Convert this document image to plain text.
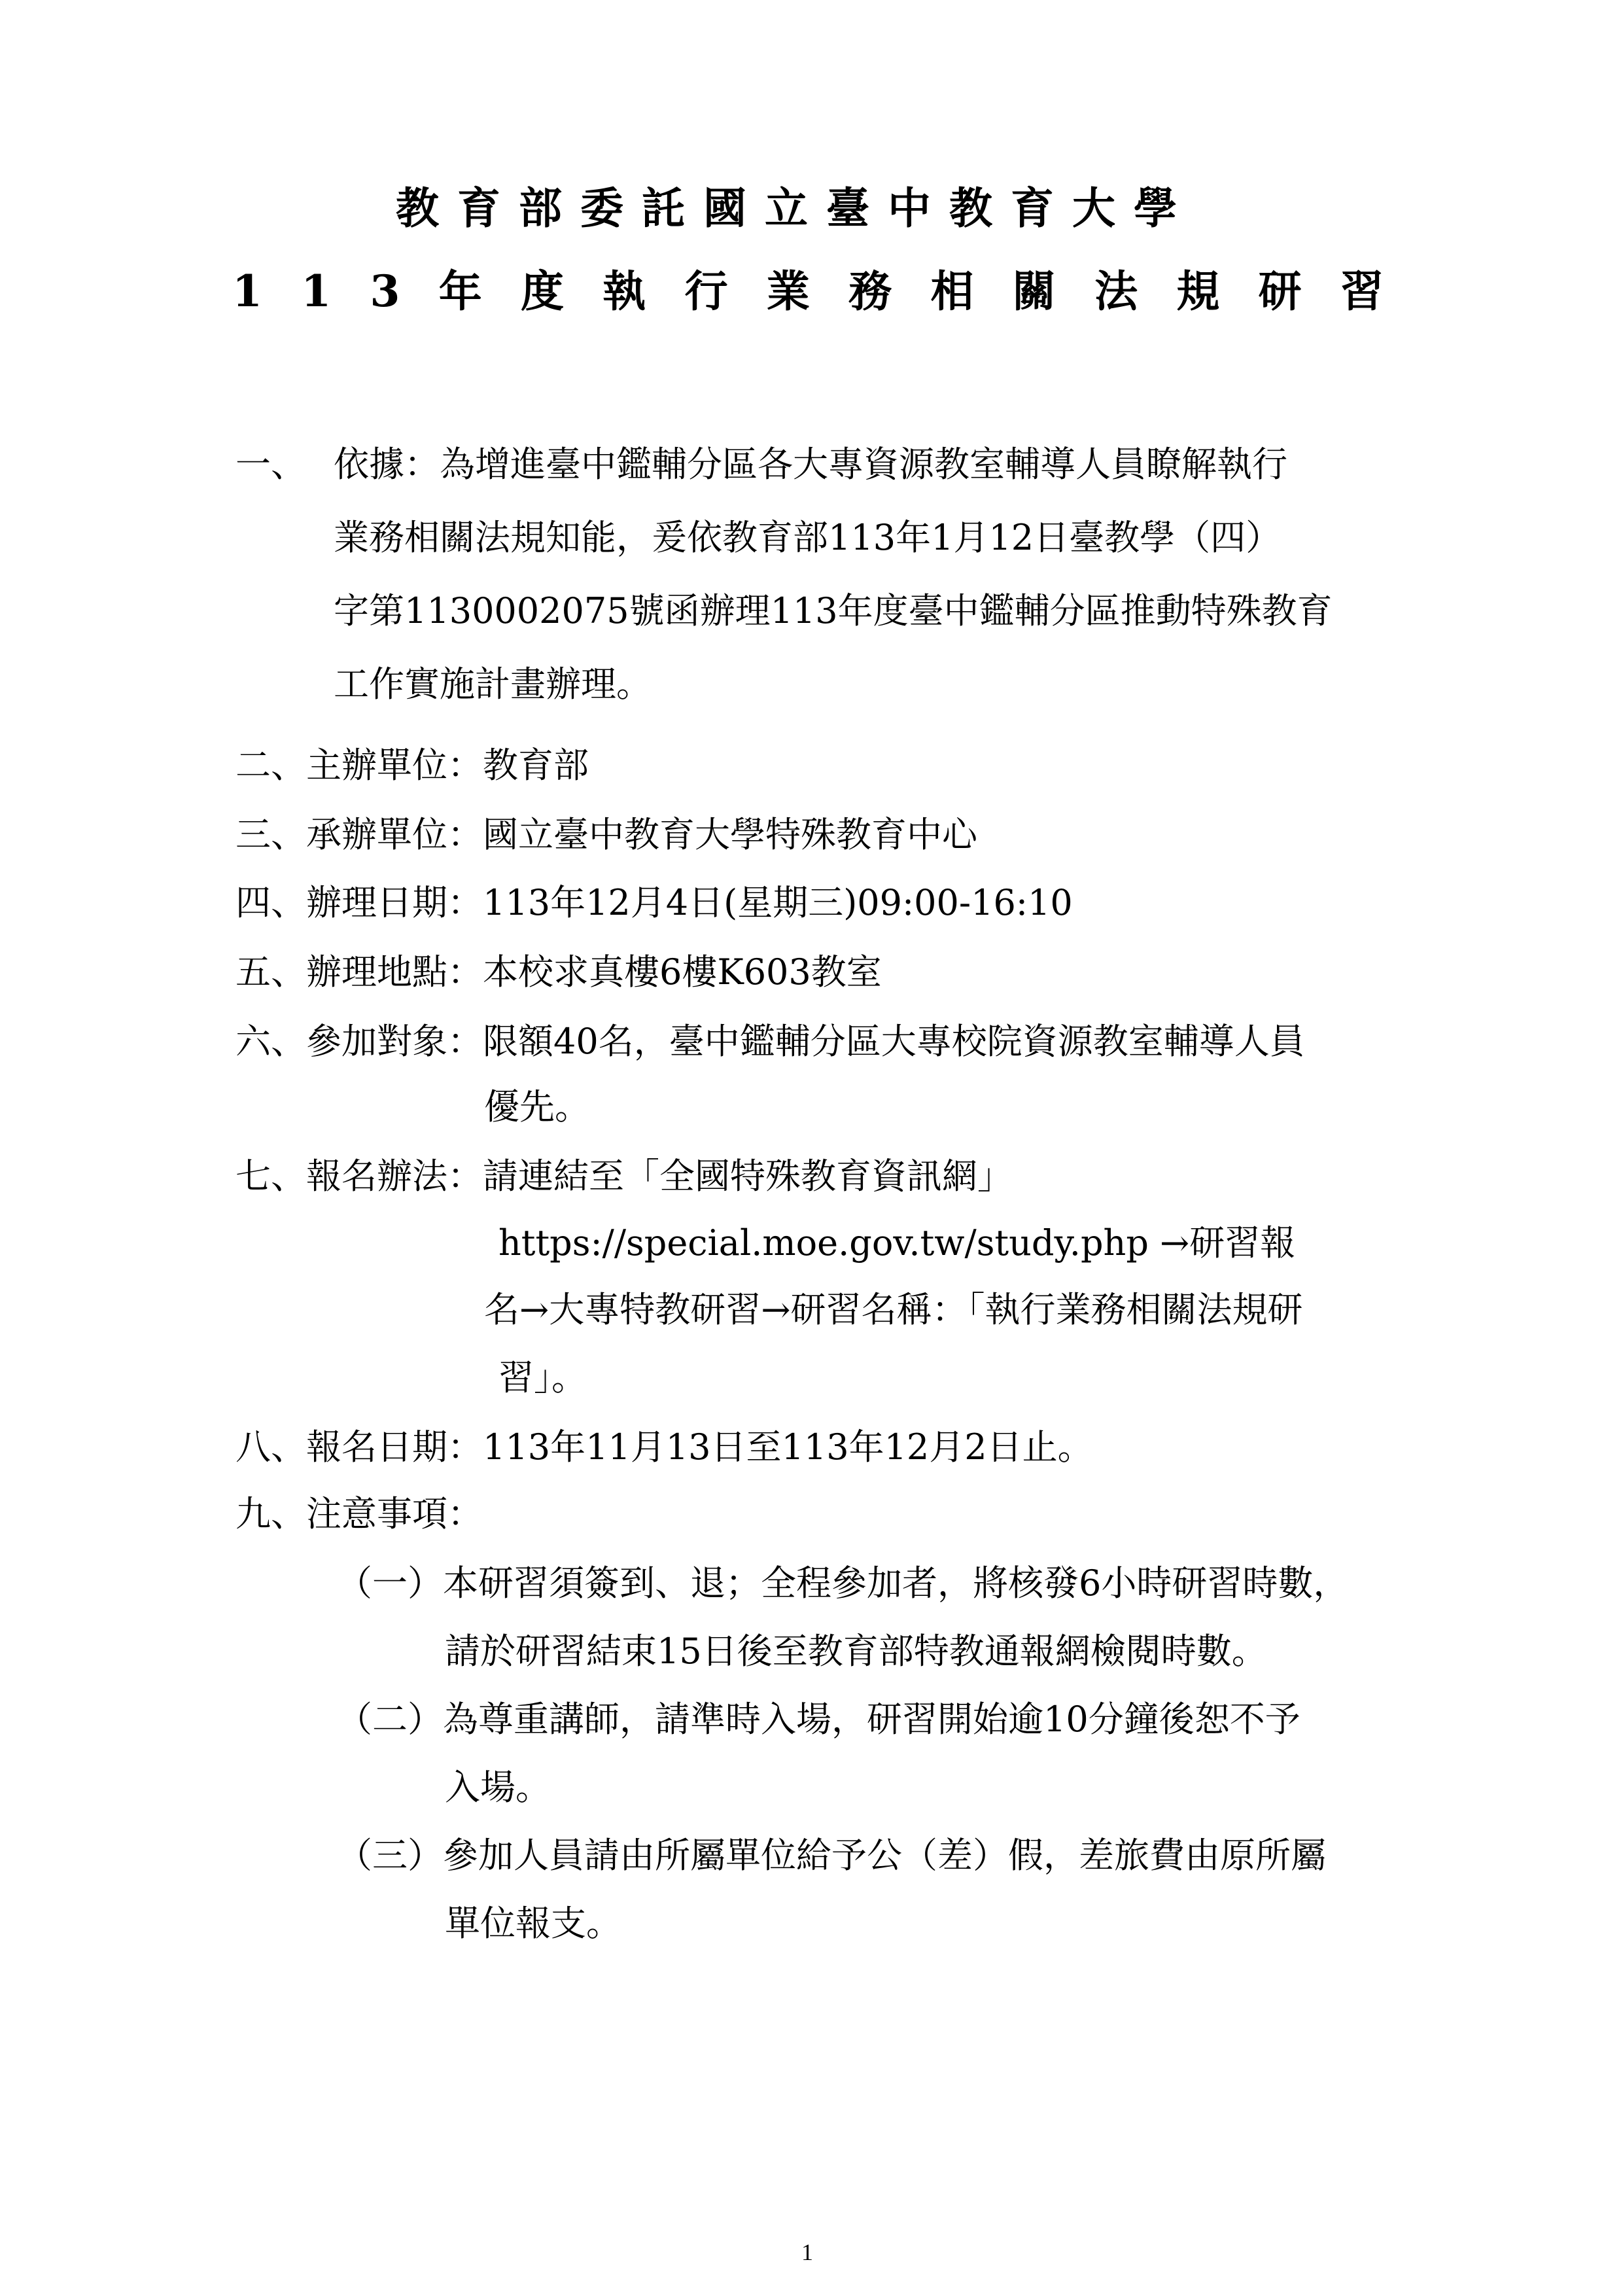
教育部委託國立臺中教育大學
1 1 3 年 度 執 行 業 務 相 關 法 規 研 習
一、 依據：為增進臺中鑑輔分區各大專資源教室輔導人員瞭解執行
業務相關法規知能，爰依教育部113年1月12日臺教學（四）
字第1130002075號函辦理113年度臺中鑑輔分區推動特殊教育
工作實施計畫辦理。
二、主辦單位：教育部
三、承辦單位：國立臺中教育大學特殊教育中心
四、辦理日期：113年12月4日(星期三)09:00-16:10
五、辦理地點：本校求真樓6樓K603教室
六、參加對象：限額40名，臺中鑑輔分區大專校院資源教室輔導人員
優先。
七、報名辦法：請連結至「全國特殊教育資訊網」
https://special.moe.gov.tw/study.php →研習報
名→大專特教研習→研習名稱：「執行業務相關法規研
習」。
八、報名日期：113年11月13日至113年12月2日止。
九、注意事項：
（一）本研習須簽到、退；全程參加者，將核發6小時研習時數，
請於研習結束15日後至教育部特教通報網檢閱時數。
（二）為尊重講師，請準時入場，研習開始逾10分鐘後恕不予
入場。
（三）參加人員請由所屬單位給予公（差）假，差旅費由原所屬
單位報支。
1
